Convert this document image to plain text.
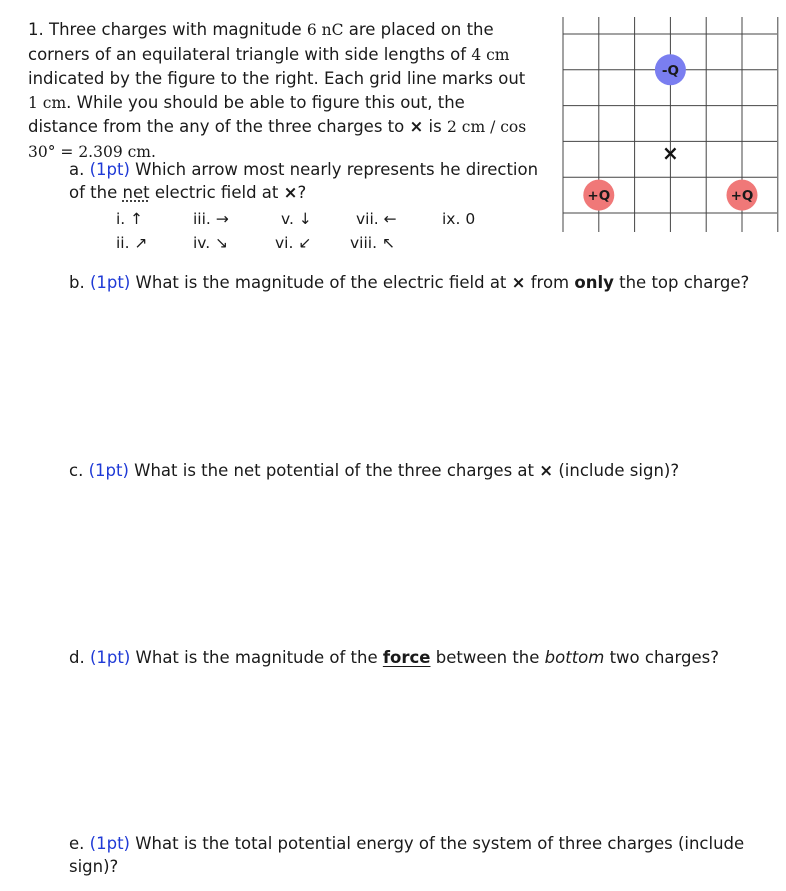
1. Three charges with magnitude 6 nC are placed on the corners of an equilateral triangle with side lengths of 4 cm indicated by the figure to the right. Each grid line marks out 1 cm. While you should be able to figure this out, the distance from the any of the three charges to × is 2 cm / cos 30° = 2.309 cm.

a. (1pt) Which arrow most nearly represents he direction of the net electric field at ×?

i. ↑
ii. ↗
iii. →
iv. ↘
v. ↓
vi. ↙
vii. ←
viii. ↖
ix. 0

b. (1pt) What is the magnitude of the electric field at × from only the top charge?

c. (1pt) What is the net potential of the three charges at × (include sign)?

d. (1pt) What is the magnitude of the force between the bottom two charges?

e. (1pt) What is the total potential energy of the system of three charges (include sign)?

-Q
+Q	+Q
×
